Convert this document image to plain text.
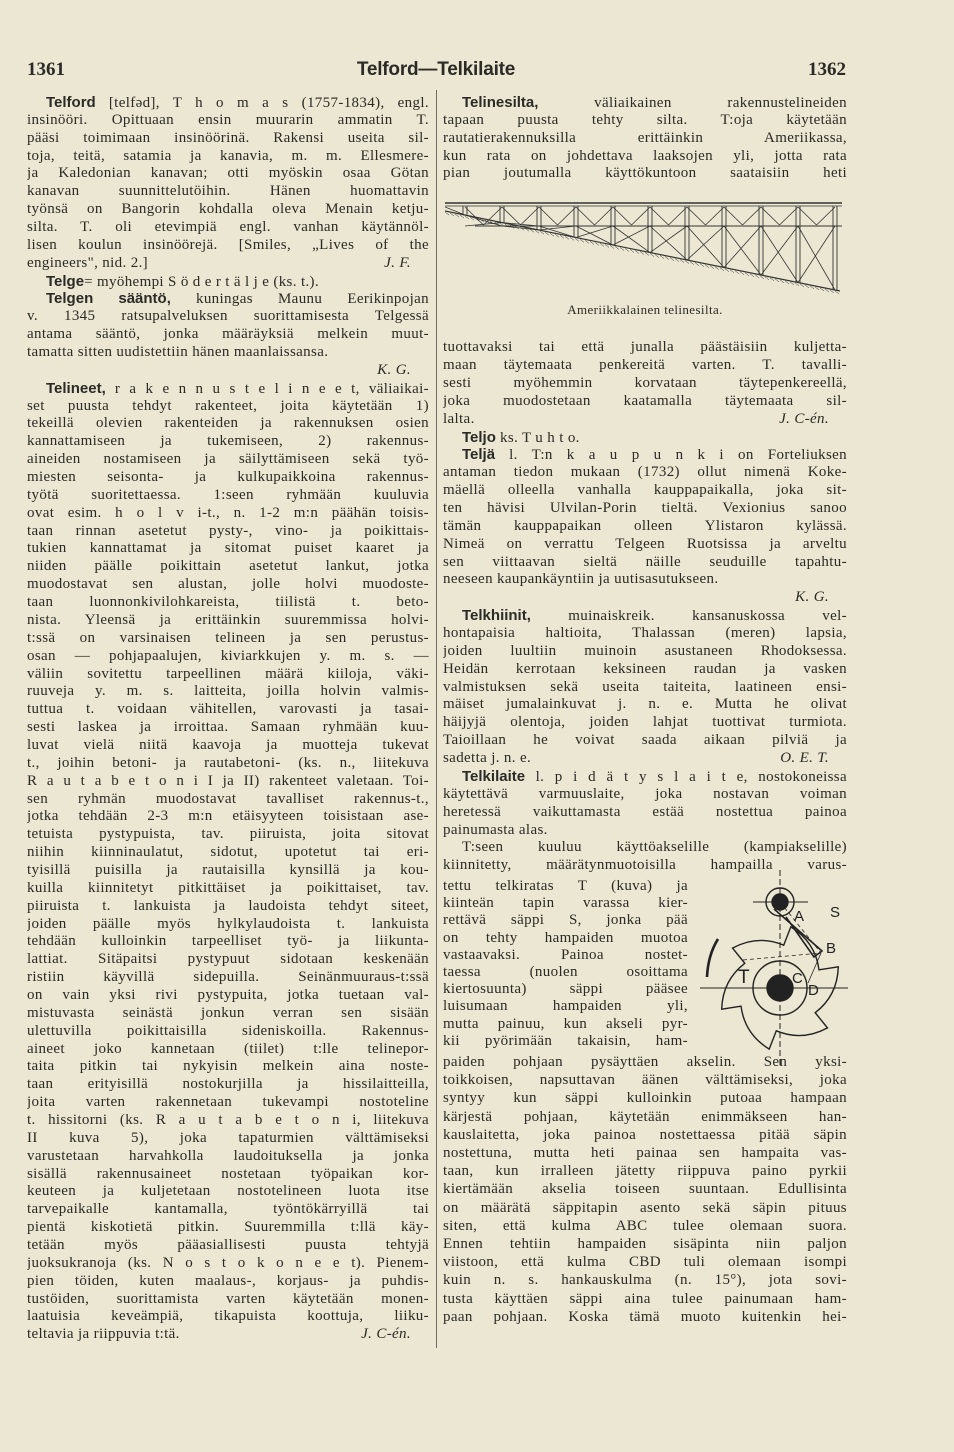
1361	Telford—Telkilaite	1362
Telford [telfəd], T h o m a s (1757-1834), engl.
insinööri. Opittuaan ensin muurarin ammatin T.
pääsi toimimaan insinöörinä. Rakensi useita sil-
toja, teitä, satamia ja kanavia, m. m. Ellesmere-
ja Kaledonian kanavan; otti myöskin osaa Götan
kanavan suunnittelutöihin. Hänen huomattavin
työnsä on Bangorin kohdalla oleva Menain ketju-
silta. T. oli etevimpiä engl. vanhan käytännöl-
lisen koulun insinöörejä. [Smiles, „Lives of the
engineers", nid. 2.]	J. F.
Telge= myöhempi S ö d e r t ä l j e (ks. t.).
Telgen sääntö, kuningas Maunu Eerikinpojan
v. 1345 ratsupalveluksen suorittamisesta Telgessä
antama sääntö, jonka määräyksiä melkein muut-
tamatta sitten uudistettiin hänen maanlaissansa.
K. G.
Telineet, r a k e n n u s t e l i n e e t, väliaikai-
set puusta tehdyt rakenteet, joita käytetään 1)
tekeillä olevien rakenteiden ja rakennuksen osien
kannattamiseen ja tukemiseen, 2) rakennus-
aineiden nostamiseen ja säilyttämiseen sekä työ-
miesten seisonta- ja kulkupaikkoina rakennus-
työtä suoritettaessa. 1:seen ryhmään kuuluvia
ovat esim. h o l v i-t., n. 1-2 m:n päähän toisis-
taan rinnan asetetut pysty-, vino- ja poikittais-
tukien kannattamat ja sitomat puiset kaaret ja
niiden päälle poikittain asetetut lankut, jotka
muodostavat sen alustan, jolle holvi muodoste-
taan luonnonkivilohkareista, tiilistä t. beto-
nista. Yleensä ja erittäinkin suuremmissa holvi-
t:ssä on varsinaisen telineen ja sen perustus-
osan — pohjapaalujen, kiviarkkujen y. m. s. —
väliin sovitettu tarpeellinen määrä kiiloja, väki-
ruuveja y. m. s. laitteita, joilla holvin valmis-
tuttua t. voidaan vähitellen, varovasti ja tasai-
sesti laskea ja irroittaa. Samaan ryhmään kuu-
luvat vielä niitä kaavoja ja muotteja tukevat
t., joihin betoni- ja rautabetoni- (ks. n., liitekuva
R a u t a b e t o n i I ja II) rakenteet valetaan. Toi-
sen ryhmän muodostavat tavalliset rakennus-t.,
jotka tehdään 2-3 m:n etäisyyteen toisistaan ase-
tetuista pystypuista, tav. piiruista, joita sitovat
niihin kiinninaulatut, sidotut, upotetut tai eri-
tyisillä puisilla ja rautaisilla kynsillä ja kou-
kuilla kiinnitetyt pitkittäiset ja poikittaiset, tav.
piiruista t. lankuista ja laudoista tehdyt siteet,
joiden päälle myös hylkylaudoista t. lankuista
tehdään kulloinkin tarpeelliset työ- ja liikunta-
lattiat. Sitäpaitsi pystypuut sidotaan keskenään
ristiin käyvillä sidepuilla. Seinänmuuraus-t:ssä
on vain yksi rivi pystypuita, jotka tuetaan val-
mistuvasta seinästä jonkun verran sen sisään
ulettuvilla poikittaisilla sideniskoilla. Rakennus-
aineet joko kannetaan (tiilet) t:lle telinepor-
taita pitkin tai nykyisin melkein aina noste-
taan erityisillä nostokurjilla ja hissilaitteilla,
joita varten rakennetaan tukevampi nostoteline
t. hissitorni (ks. R a u t a b e t o n i, liitekuva
II kuva 5), joka tapaturmien välttämiseksi
varustetaan harvahkolla laudoituksella ja jonka
sisällä rakennusaineet nostetaan työpaikan kor-
keuteen ja kuljetetaan nostotelineen luota itse
tarvepaikalle kantamalla, työntökärryillä tai
pientä kiskotietä pitkin. Suuremmilla t:llä käy-
tetään myös pääasiallisesti puusta tehtyjä
juoksukranoja (ks. N o s t o k o n e e t). Pienem-
pien töiden, kuten maalaus-, korjaus- ja puhdis-
tustöiden, suorittamista varten käytetään monen-
laatuisia keveämpiä, tikapuista koottuja, liiku-
teltavia ja riippuvia t:tä.	J. C-én.
Telinesilta, väliaikainen rakennustelineiden
tapaan puusta tehty silta. T:oja käytetään
rautatierakennuksilla erittäinkin Ameriikassa,
kun rata on johdettava laaksojen yli, jotta rata
pian joutumalla käyttökuntoon saataisiin heti
Ameriikkalainen telinesilta.
tuottavaksi tai että junalla päästäisiin kuljetta-
maan täytemaata penkereitä varten. T. tavalli-
sesti myöhemmin korvataan täytepenkereellä,
joka muodostetaan kaatamalla täytemaata sil-
lalta.	J. C-én.
Teljo ks. T u h t o.
Teljä l. T:n k a u p u n k i on Forteliuksen
antaman tiedon mukaan (1732) ollut nimenä Koke-
mäellä olleella vanhalla kauppapaikalla, joka sit-
ten hävisi Ulvilan-Porin tieltä. Vexionius sanoo
tämän kauppapaikan olleen Ylistaron kylässä.
Nimeä on verrattu Telgeen Ruotsissa ja arveltu
sen viittaavan sieltä näille seuduille tapahtu-
neeseen kaupankäyntiin ja uutisasutukseen.
K. G.
Telkhiinit, muinaiskreik. kansanuskossa vel-
hontapaisia haltioita, Thalassan (meren) lapsia,
joiden luultiin muinoin asustaneen Rhodoksessa.
Heidän kerrotaan keksineen raudan ja vasken
valmistuksen sekä useita taiteita, laatineen ensi-
mäiset jumalainkuvat j. n. e. Mutta he olivat
häijyjä olentoja, joiden lahjat tuottivat turmiota.
Taioillaan he voivat saada aikaan pilviä ja
sadetta j. n. e.	O. E. T.
Telkilaite l. p i d ä t y s l a i t e, nostokoneissa
käytettävä varmuuslaite, joka nostavan voiman
heretessä vaikuttamasta estää nostettua painoa
painumasta alas.
T:seen kuuluu käyttöakselille (kampiakselille)
kiinnitetty, määrätynmuotoisilla hampailla varus-
tettu telkiratas T (kuva) ja
kiinteän tapin varassa kier-
rettävä säppi S, jonka pää
on tehty hampaiden muotoa
vastaavaksi. Painoa nostet-
taessa (nuolen osoittama
kiertosuunta) säppi pääsee
luisumaan hampaiden yli,
mutta painuu, kun akseli pyr-
kii pyörimään takaisin, ham-
A S
B
C
D
T
paiden pohjaan pysäyttäen akselin. Sen yksi-
toikkoisen, napsuttavan äänen välttämiseksi, joka
syntyy kun säppi kulloinkin putoaa hampaan
kärjestä pohjaan, käytetään enimmäkseen han-
kauslaitetta, joka painoa nostettaessa pitää säpin
nostettuna, mutta heti painaa sen hampaita vas-
taan, kun irralleen jätetty riippuva paino pyrkii
kiertämään akselia toiseen suuntaan. Edullisinta
on määrätä säppitapin asento sekä säpin pituus
siten, että kulma ABC tulee olemaan suora.
Ennen tehtiin hampaiden sisäpinta niin paljon
viistoon, että kulma CBD tuli olemaan isompi
kuin n. s. hankauskulma (n. 15°), jota sovi-
tusta käyttäen säppi aina tulee painumaan ham-
paan pohjaan. Koska tämä muoto kuitenkin hei-
